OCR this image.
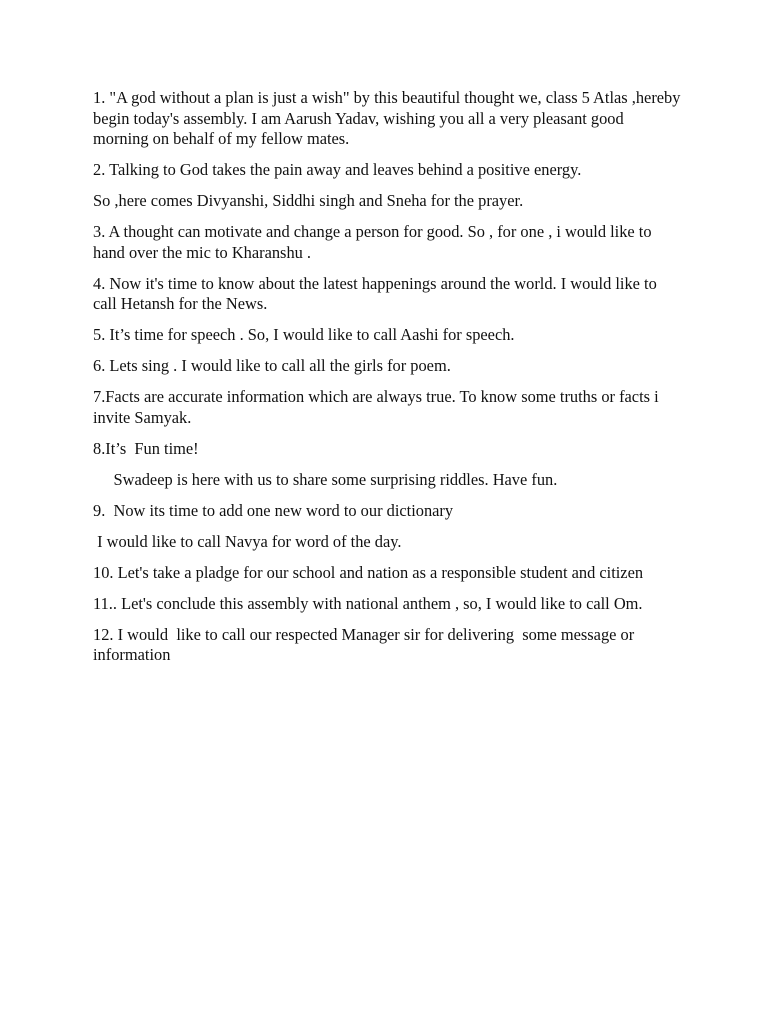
1. "A god without a plan is just a wish" by this beautiful thought we, class 5 Atlas ,hereby begin today's assembly. I am Aarush Yadav, wishing you all a very pleasant good morning on behalf of my fellow mates.

2. Talking to God takes the pain away and leaves behind a positive energy.

So ,here comes Divyanshi, Siddhi singh and Sneha for the prayer.

3. A thought can motivate and change a person for good. So , for one , i would like to hand over the mic to Kharanshu .

4. Now it's time to know about the latest happenings around the world. I would like to call Hetansh for the News.

5. It’s time for speech . So, I would like to call Aashi for speech.

6. Lets sing . I would like to call all the girls for poem.

7.Facts are accurate information which are always true. To know some truths or facts i invite Samyak.

8.It’s  Fun time!

Swadeep is here with us to share some surprising riddles. Have fun.

9.  Now its time to add one new word to our dictionary

I would like to call Navya for word of the day.

10. Let's take a pladge for our school and nation as a responsible student and citizen

11.. Let's conclude this assembly with national anthem , so, I would like to call Om.

12. I would  like to call our respected Manager sir for delivering  some message or information
